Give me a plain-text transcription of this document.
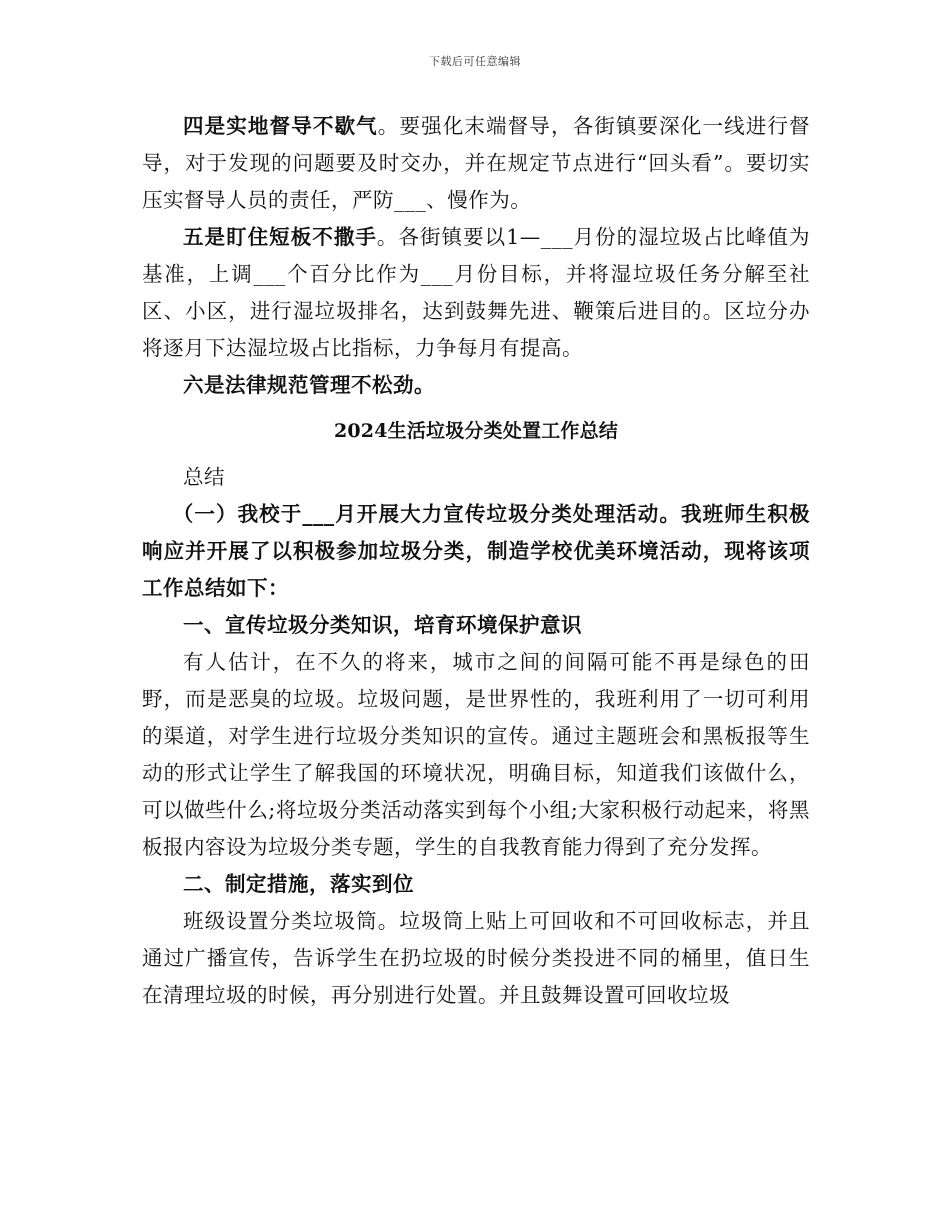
下载后可任意编辑

四是实地督导不歇气。要强化末端督导，各街镇要深化一线进行督导，对于发现的问题要及时交办，并在规定节点进行“回头看”。要切实压实督导人员的责任，严防___、慢作为。

五是盯住短板不撒手。各街镇要以1—___月份的湿垃圾占比峰值为基准，上调___个百分比作为___月份目标，并将湿垃圾任务分解至社区、小区，进行湿垃圾排名，达到鼓舞先进、鞭策后进目的。区垃分办将逐月下达湿垃圾占比指标，力争每月有提高。

六是法律规范管理不松劲。

2024生活垃圾分类处置工作总结

总结

（一）我校于___月开展大力宣传垃圾分类处理活动。我班师生积极响应并开展了以积极参加垃圾分类，制造学校优美环境活动，现将该项工作总结如下：

一、宣传垃圾分类知识，培育环境保护意识

有人估计，在不久的将来，城市之间的间隔可能不再是绿色的田野，而是恶臭的垃圾。垃圾问题，是世界性的，我班利用了一切可利用的渠道，对学生进行垃圾分类知识的宣传。通过主题班会和黑板报等生动的形式让学生了解我国的环境状况，明确目标，知道我们该做什么，可以做些什么;将垃圾分类活动落实到每个小组;大家积极行动起来，将黑板报内容设为垃圾分类专题，学生的自我教育能力得到了充分发挥。

二、制定措施，落实到位

班级设置分类垃圾筒。垃圾筒上贴上可回收和不可回收标志，并且通过广播宣传，告诉学生在扔垃圾的时候分类投进不同的桶里，值日生在清理垃圾的时候，再分别进行处置。并且鼓舞设置可回收垃圾
